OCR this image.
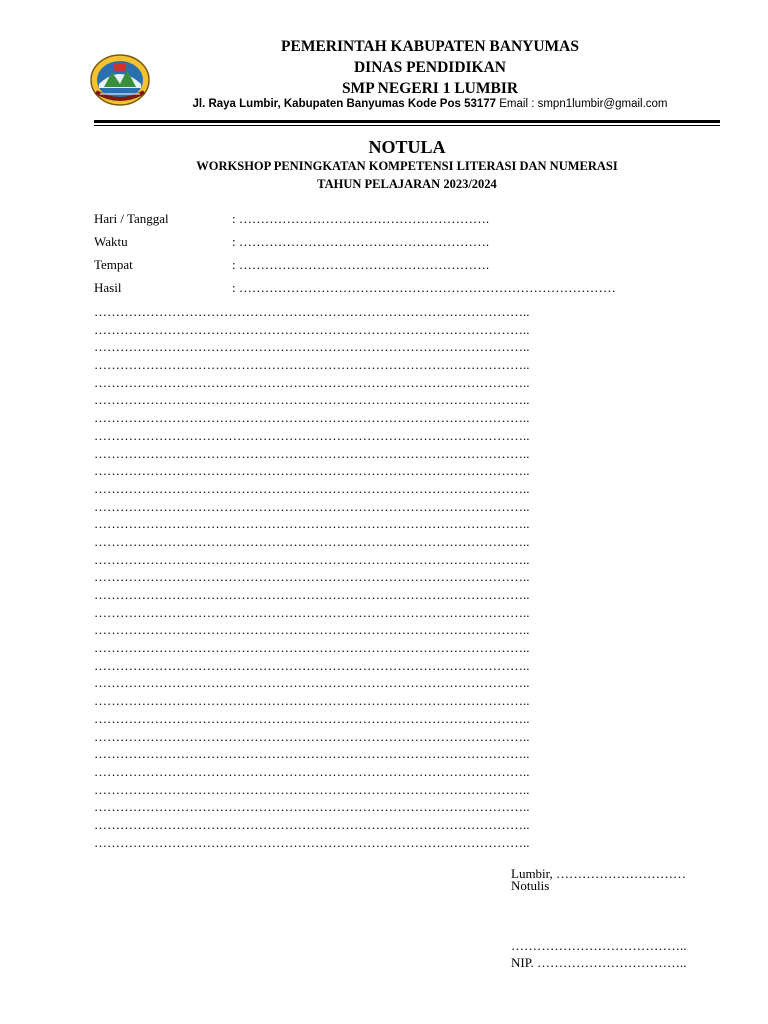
PEMERINTAH KABUPATEN BANYUMAS
DINAS PENDIDIKAN
SMP NEGERI 1 LUMBIR
Jl. Raya Lumbir, Kabupaten Banyumas Kode Pos 53177 Email : smpn1lumbir@gmail.com
NOTULA
WORKSHOP PENINGKATAN KOMPETENSI LITERASI DAN NUMERASI
TAHUN PELAJARAN 2023/2024
Hari / Tanggal	: ………………………………………………….
Waktu	: ………………………………………………….
Tempat	: ………………………………………………….
Hasil	: ……………………………………………………………………………
………………………………………………………………………………………..
………………………………………………………………………………………..
………………………………………………………………………………………..
………………………………………………………………………………………..
………………………………………………………………………………………..
………………………………………………………………………………………..
………………………………………………………………………………………..
………………………………………………………………………………………..
………………………………………………………………………………………..
………………………………………………………………………………………..
………………………………………………………………………………………..
………………………………………………………………………………………..
………………………………………………………………………………………..
………………………………………………………………………………………..
………………………………………………………………………………………..
………………………………………………………………………………………..
………………………………………………………………………………………..
………………………………………………………………………………………..
………………………………………………………………………………………..
………………………………………………………………………………………..
………………………………………………………………………………………..
………………………………………………………………………………………..
………………………………………………………………………………………..
………………………………………………………………………………………..
………………………………………………………………………………………..
………………………………………………………………………………………..
………………………………………………………………………………………..
………………………………………………………………………………………..
………………………………………………………………………………………..
………………………………………………………………………………………..
………………………………………………………………………………………..
Lumbir, …………………………
Notulis
…………………………………..
NIP. ……………………………..
